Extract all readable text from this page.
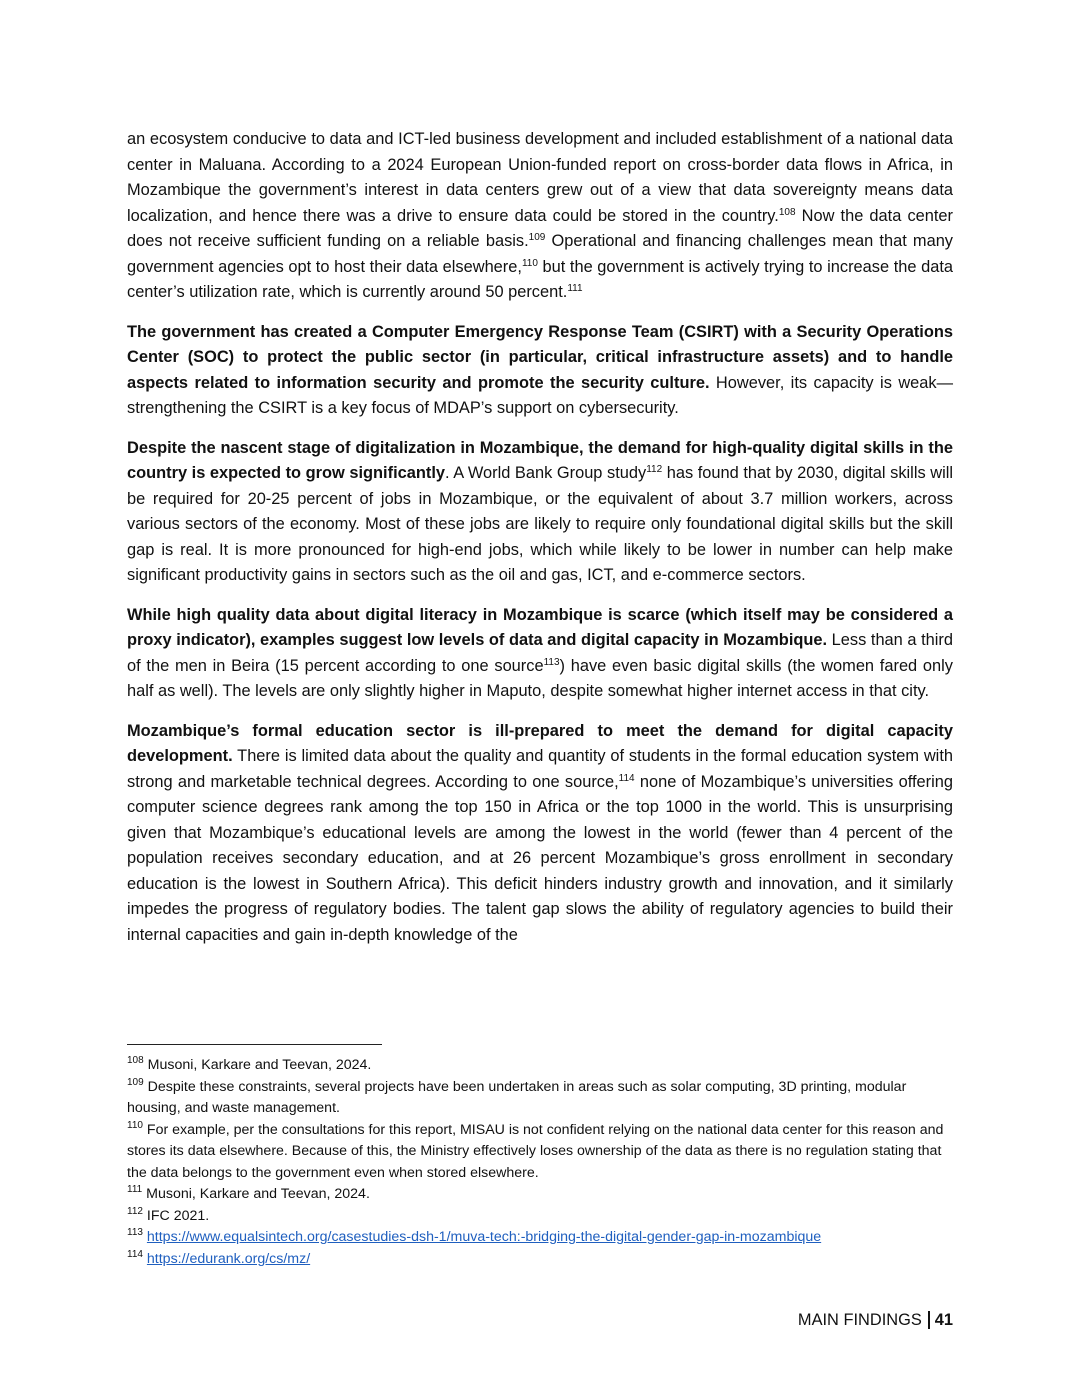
an ecosystem conducive to data and ICT-led business development and included establishment of a national data center in Maluana. According to a 2024 European Union-funded report on cross-border data flows in Africa, in Mozambique the government’s interest in data centers grew out of a view that data sovereignty means data localization, and hence there was a drive to ensure data could be stored in the country.$^{108}$ Now the data center does not receive sufficient funding on a reliable basis.$^{109}$ Operational and financing challenges mean that many government agencies opt to host their data elsewhere,$^{110}$ but the government is actively trying to increase the data center’s utilization rate, which is currently around 50 percent.$^{111}$

The government has created a Computer Emergency Response Team (CSIRT) with a Security Operations Center (SOC) to protect the public sector (in particular, critical infrastructure assets) and to handle aspects related to information security and promote the security culture. However, its capacity is weak—strengthening the CSIRT is a key focus of MDAP’s support on cybersecurity.

Despite the nascent stage of digitalization in Mozambique, the demand for high-quality digital skills in the country is expected to grow significantly. A World Bank Group study$^{112}$ has found that by 2030, digital skills will be required for 20-25 percent of jobs in Mozambique, or the equivalent of about 3.7 million workers, across various sectors of the economy. Most of these jobs are likely to require only foundational digital skills but the skill gap is real. It is more pronounced for high-end jobs, which while likely to be lower in number can help make significant productivity gains in sectors such as the oil and gas, ICT, and e-commerce sectors.

While high quality data about digital literacy in Mozambique is scarce (which itself may be considered a proxy indicator), examples suggest low levels of data and digital capacity in Mozambique. Less than a third of the men in Beira (15 percent according to one source$^{113}$) have even basic digital skills (the women fared only half as well). The levels are only slightly higher in Maputo, despite somewhat higher internet access in that city.

Mozambique’s formal education sector is ill-prepared to meet the demand for digital capacity development. There is limited data about the quality and quantity of students in the formal education system with strong and marketable technical degrees. According to one source,$^{114}$ none of Mozambique’s universities offering computer science degrees rank among the top 150 in Africa or the top 1000 in the world. This is unsurprising given that Mozambique’s educational levels are among the lowest in the world (fewer than 4 percent of the population receives secondary education, and at 26 percent Mozambique’s gross enrollment in secondary education is the lowest in Southern Africa). This deficit hinders industry growth and innovation, and it similarly impedes the progress of regulatory bodies. The talent gap slows the ability of regulatory agencies to build their internal capacities and gain in-depth knowledge of the

$^{108}$ Musoni, Karkare and Teevan, 2024.
$^{109}$ Despite these constraints, several projects have been undertaken in areas such as solar computing, 3D printing, modular housing, and waste management.
$^{110}$ For example, per the consultations for this report, MISAU is not confident relying on the national data center for this reason and stores its data elsewhere. Because of this, the Ministry effectively loses ownership of the data as there is no regulation stating that the data belongs to the government even when stored elsewhere.
$^{111}$ Musoni, Karkare and Teevan, 2024.
$^{112}$ IFC 2021.
$^{113}$ https://www.equalsintech.org/casestudies-dsh-1/muva-tech:-bridging-the-digital-gender-gap-in-mozambique
$^{114}$ https://edurank.org/cs/mz/
MAIN FINDINGS 41
